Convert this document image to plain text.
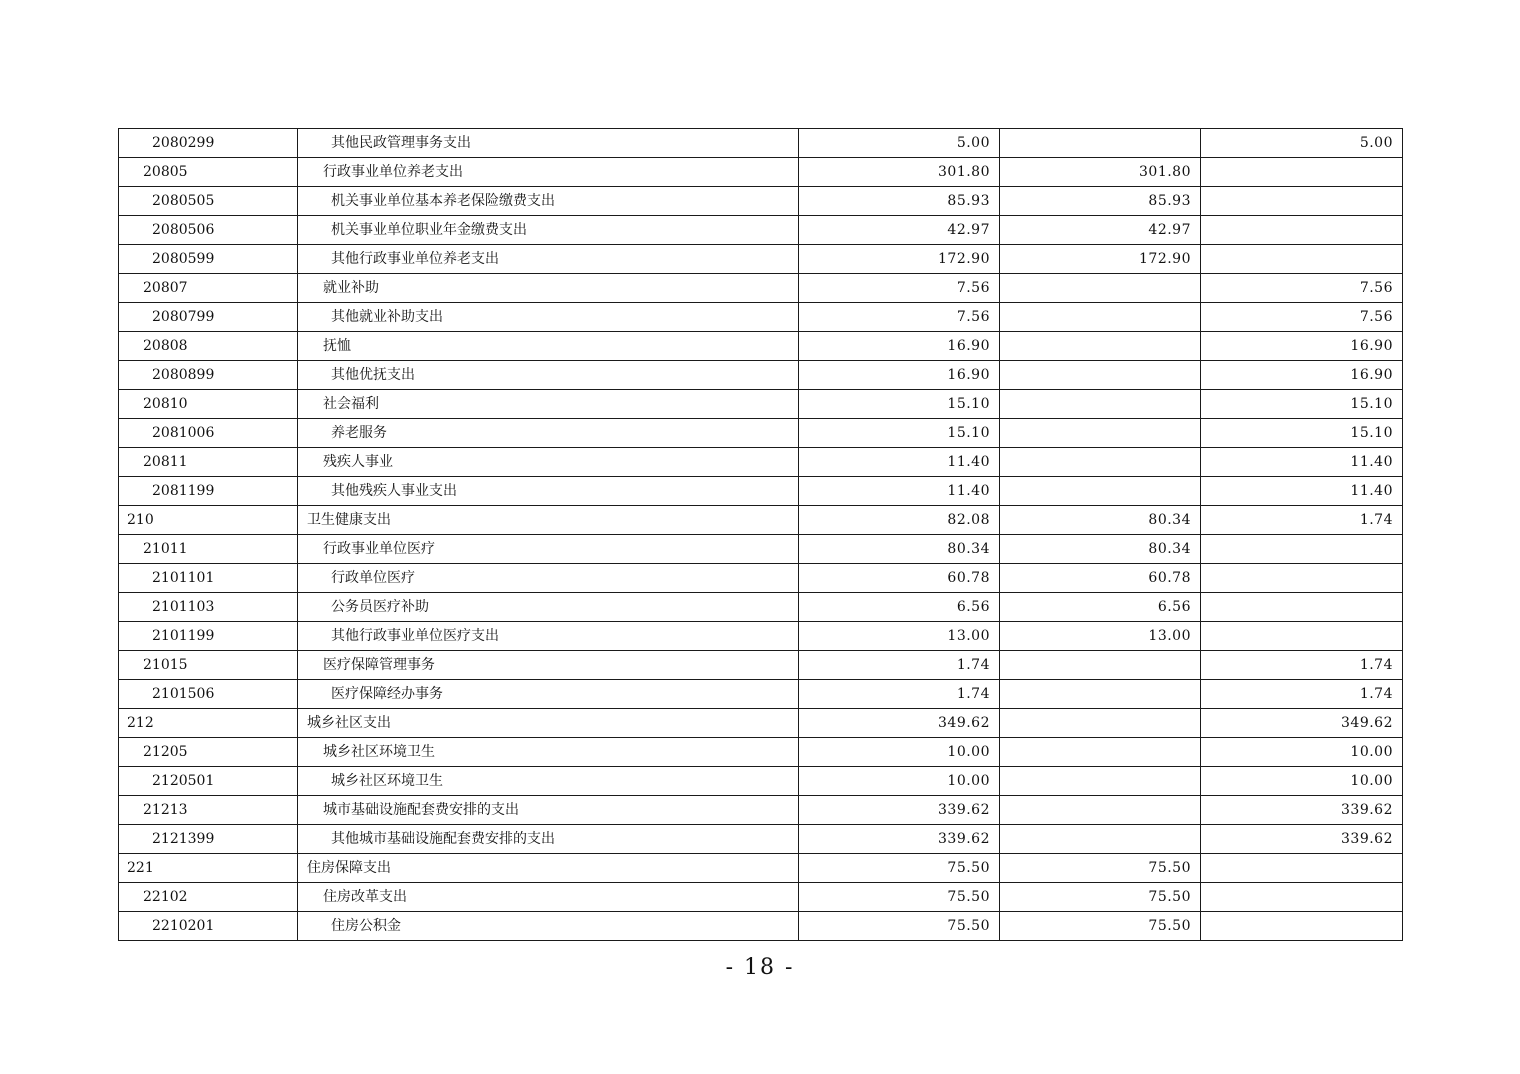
2080299	其他民政管理事务支出	5.00		5.00
20805	行政事业单位养老支出	301.80	301.80	
2080505	机关事业单位基本养老保险缴费支出	85.93	85.93	
2080506	机关事业单位职业年金缴费支出	42.97	42.97	
2080599	其他行政事业单位养老支出	172.90	172.90	
20807	就业补助	7.56		7.56
2080799	其他就业补助支出	7.56		7.56
20808	抚恤	16.90		16.90
2080899	其他优抚支出	16.90		16.90
20810	社会福利	15.10		15.10
2081006	养老服务	15.10		15.10
20811	残疾人事业	11.40		11.40
2081199	其他残疾人事业支出	11.40		11.40
210	卫生健康支出	82.08	80.34	1.74
21011	行政事业单位医疗	80.34	80.34	
2101101	行政单位医疗	60.78	60.78	
2101103	公务员医疗补助	6.56	6.56	
2101199	其他行政事业单位医疗支出	13.00	13.00	
21015	医疗保障管理事务	1.74		1.74
2101506	医疗保障经办事务	1.74		1.74
212	城乡社区支出	349.62		349.62
21205	城乡社区环境卫生	10.00		10.00
2120501	城乡社区环境卫生	10.00		10.00
21213	城市基础设施配套费安排的支出	339.62		339.62
2121399	其他城市基础设施配套费安排的支出	339.62		339.62
221	住房保障支出	75.50	75.50	
22102	住房改革支出	75.50	75.50	
2210201	住房公积金	75.50	75.50	
- 18 -
